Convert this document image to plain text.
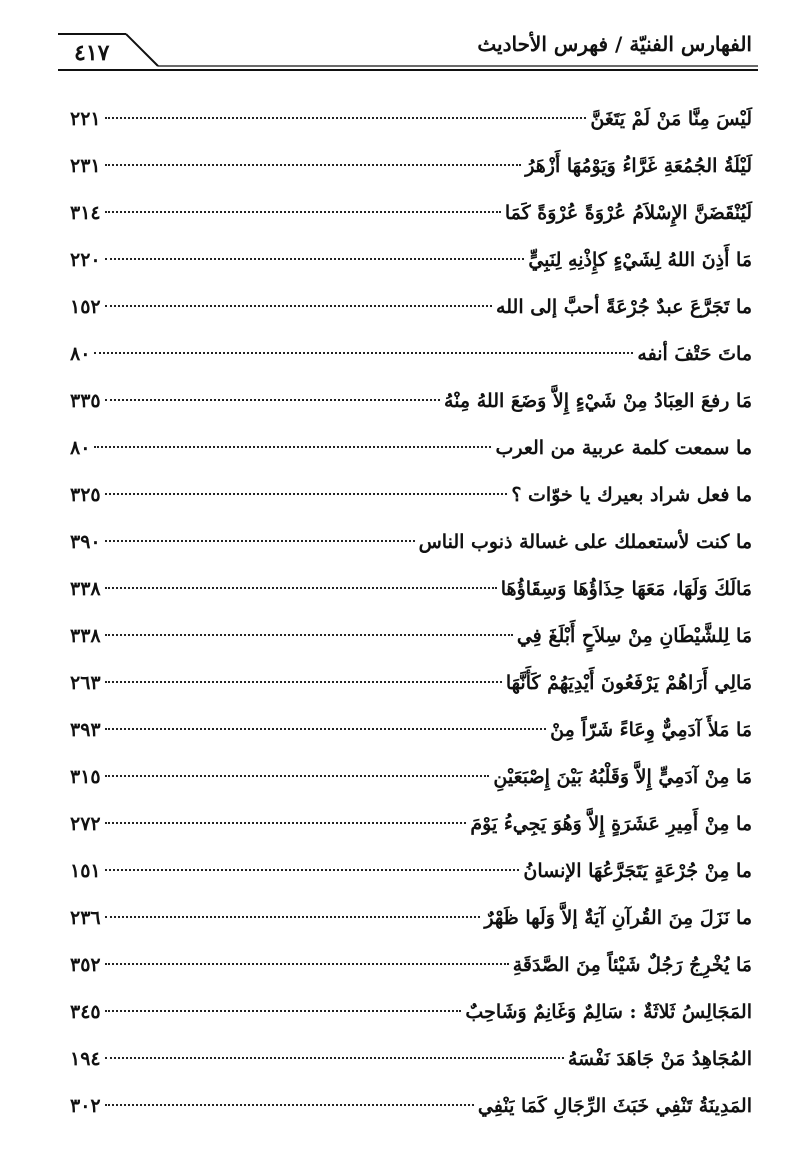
٤١٧	الفهارس الفنيّة / فهرس الأحاديث
٢٢١	لَيْسَ مِنَّا مَنْ لَمْ يَتَغَنَّ
٢٣١	لَيْلَةُ الجُمُعَةِ غَرَّاءُ وَيَوْمُهَا أَزْهَرُ
٣١٤	لَيُنْقَضَنَّ الإِسْلاَمُ عُرْوَةً عُرْوَةً كَمَا
٢٢٠	مَا أَذِنَ اللهُ لِشَيْءٍ كإِذْنِهِ لِنَبِيٍّ
١٥٢	ما تَجَرَّعَ عبدٌ جُرْعَةً أحبَّ إلى الله
٨٠	ماتَ حَتْفَ أنفه
٣٣٥	مَا رفعَ العِبَادُ مِنْ شَيْءٍ إِلاَّ وَضَعَ اللهُ مِنْهُ
٨٠	ما سمعت كلمة عربية من العرب
٣٢٥	ما فعل شراد بعيرك يا خوّات ؟
٣٩٠	ما كنت لأستعملك على غسالة ذنوب الناس
٣٣٨	مَالَكَ وَلَهَا، مَعَهَا حِذَاؤُهَا وَسِقَاؤُهَا
٣٣٨	مَا لِلشَّيْطَانِ مِنْ سِلاَحٍ أَبْلَغَ فِي
٢٦٣	مَالِي أَرَاهُمْ يَرْفَعُونَ أَيْدِيَهُمْ كَأَنَّهَا
٣٩٣	مَا مَلأَ آدَمِيٌّ وِعَاءً شَرّاً مِنْ
٣١٥	مَا مِنْ آدَمِيٍّ إِلاَّ وَقَلْبُهُ بَيْنَ إِصْبَعَيْنِ
٢٧٢	ما مِنْ أَمِيرِ عَشَرَةٍ إِلاَّ وَهُوَ يَجِيءُ يَوْمَ
١٥١	ما مِنْ جُرْعَةٍ يَتَجَرَّعُهَا الإنسانُ
٢٣٦	ما نَزَلَ مِنَ القُرآنِ آيَةٌ إلاَّ وَلَها ظَهْرٌ
٣٥٢	مَا يُخْرِجُ رَجُلٌ شَيْئاً مِنَ الصَّدَقَةِ
٣٤٥	المَجَالِسُ ثَلاثَةٌ : سَالِمٌ وَغَانِمٌ وَشَاحِبٌ
١٩٤	المُجَاهِدُ مَنْ جَاهَدَ نَفْسَهُ
٣٠٢	المَدِينَةُ تَنْفِي خَبَثَ الرِّجَالِ كَمَا يَنْفِي
